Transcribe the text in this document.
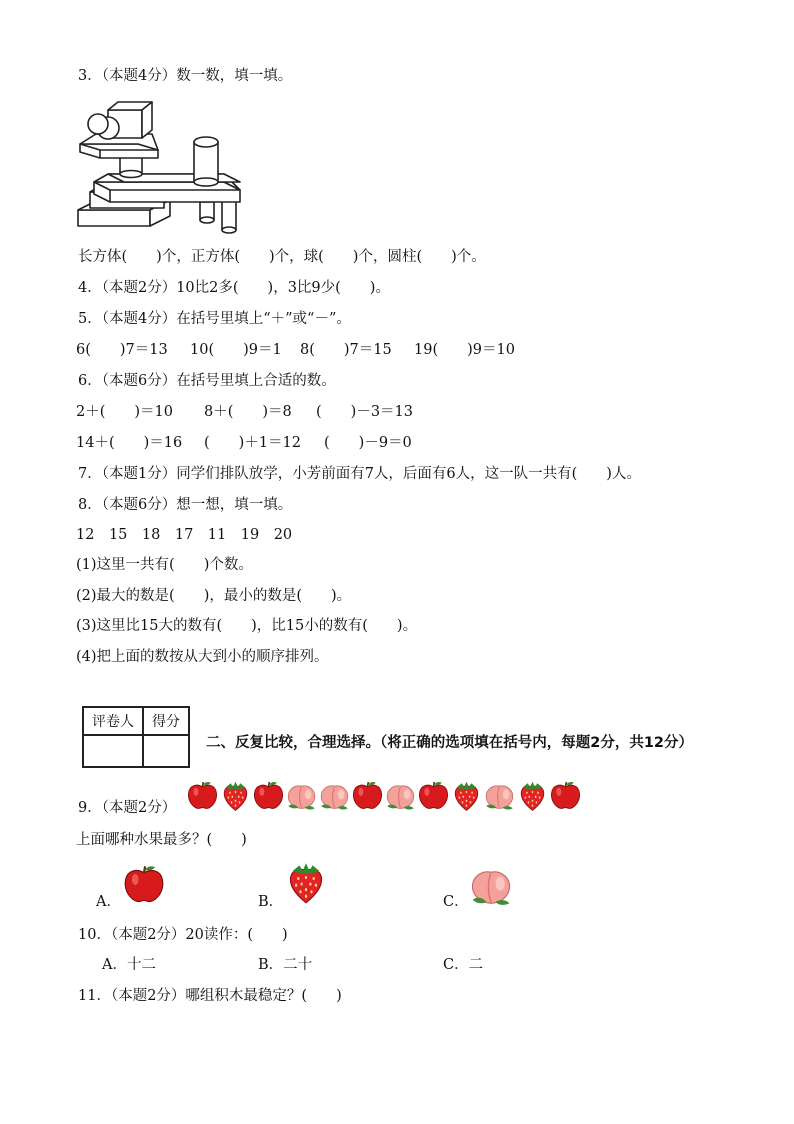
3．（本题4分）数一数，填一填。
长方体(　　)个，正方体(　　)个，球(　　)个，圆柱(　　)个。
4．（本题2分）10比2多(　　)，3比9少(　　)。
5．（本题4分）在括号里填上“＋”或“－”。
6(　　)7＝13 10(　　)9＝1 8(　　)7＝15 19(　　)9＝10
6．（本题6分）在括号里填上合适的数。
2＋(　　)＝10 8＋(　　)＝8 (　　)－3＝13
14＋(　　)＝16 (　　)＋1＝12 (　　)－9＝0
7．（本题1分）同学们排队放学，小芳前面有7人，后面有6人，这一队一共有(　　)人。
8．（本题6分）想一想，填一填。
12　15　18　17　11　19　20
(1)这里一共有(　　)个数。
(2)最大的数是(　　)，最小的数是(　　)。
(3)这里比15大的数有(　　)，比15小的数有(　　)。
(4)把上面的数按从大到小的顺序排列。
评卷人	得分

二、反复比较，合理选择。（将正确的选项填在括号内，每题2分，共12分）
9．（本题2分）
上面哪种水果最多？(　　)
A．	B．	C．
10．（本题2分）20读作：(　　)
A．十二	B．二十	C．二
11．（本题2分）哪组积木最稳定？(　　)
